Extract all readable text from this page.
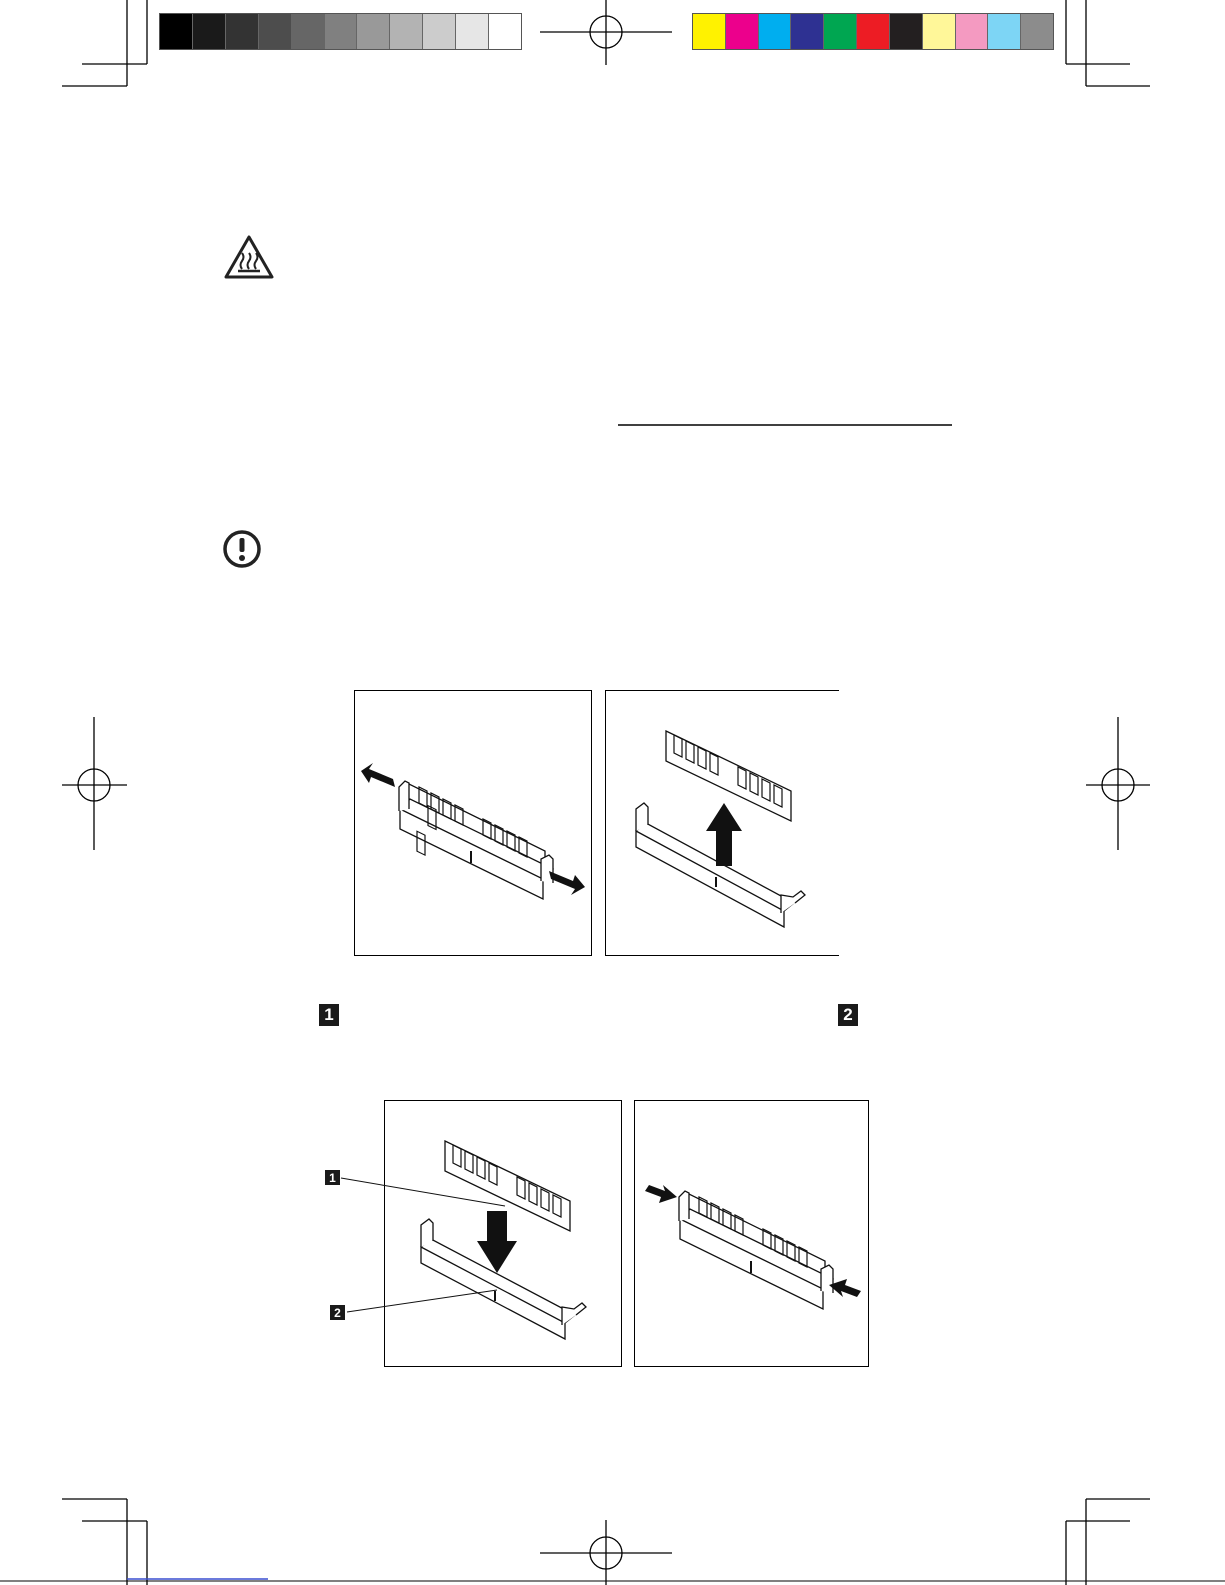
1	2
1
2
